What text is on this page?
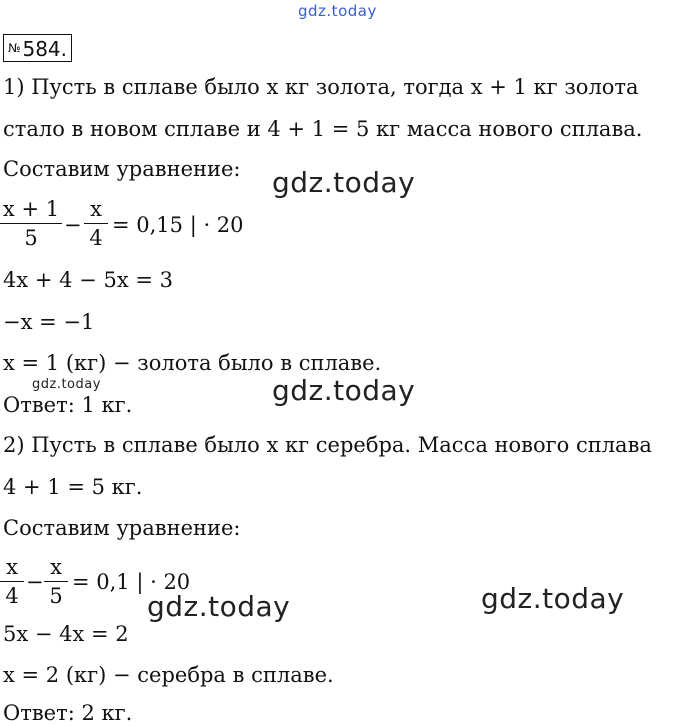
gdz.today
gdz.today
gdz.today
gdz.today	gdz.today
gdz.today
№ 584.
1) Пусть в сплаве было x кг золота, тогда x + 1 кг золота
стало в новом сплаве и 4 + 1 = 5 кг масса нового сплава.
Составим уравнение:
x + 1
5
−
x
4
= 0,15 | · 20
4x + 4 − 5x = 3
−x = −1
x = 1 (кг) − золота было в сплаве.
Ответ: 1 кг.
2) Пусть в сплаве было x кг серебра. Масса нового сплава
4 + 1 = 5 кг.
Составим уравнение:
x
4
−
x
5
= 0,1 | · 20
5x − 4x = 2
x = 2 (кг) − серебра в сплаве.
Ответ: 2 кг.
